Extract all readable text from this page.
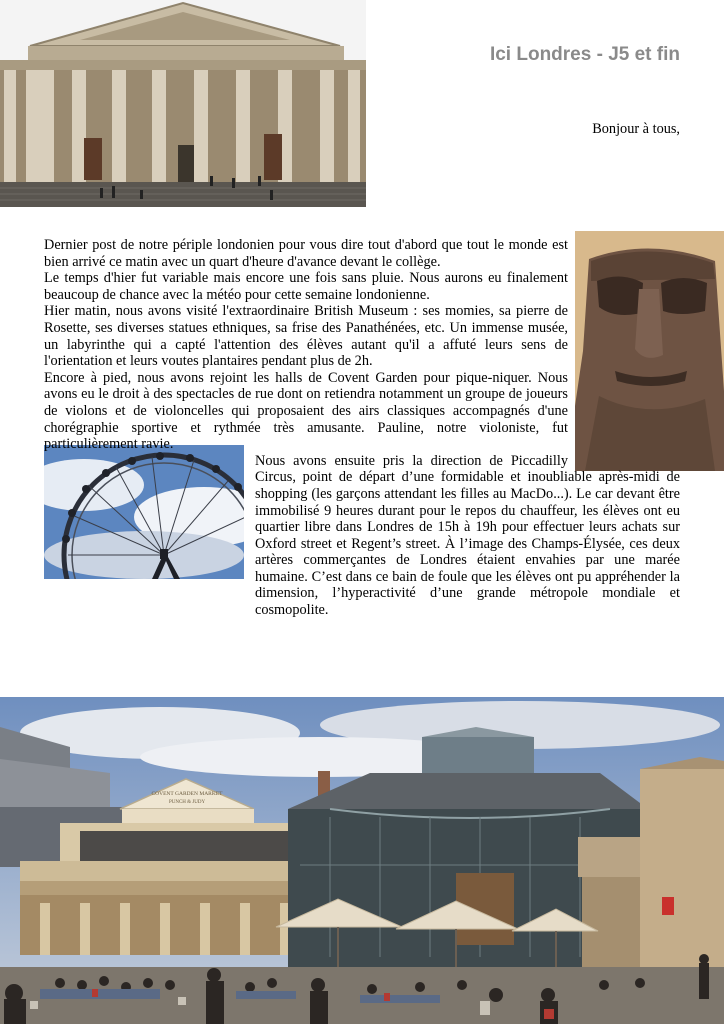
Ici Londres - J5 et fin

Bonjour à tous,

Dernier post de notre périple londonien pour vous dire tout d'abord que tout le monde est bien arrivé ce matin avec un quart d'heure d'avance devant le collège.

Le temps d'hier fut variable mais encore une fois sans pluie. Nous aurons eu finalement beaucoup de chance avec la météo pour cette semaine londonienne.

Hier matin, nous avons visité l'extraordinaire British Museum : ses momies, sa pierre de Rosette, ses diverses statues ethniques, sa frise des Panathénées, etc. Un immense musée, un labyrinthe qui a capté l'attention des élèves autant qu'il a affuté leurs sens de l'orientation et leurs voutes plantaires pendant plus de 2h.

Encore à pied, nous avons rejoint les halls de Covent Garden pour pique-niquer. Nous avons eu le droit à des spectacles de rue dont on retiendra notamment un groupe de joueurs de violons et de violoncelles qui proposaient des airs classiques accompagnés d'une chorégraphie sportive et rythmée très amusante. Pauline, notre violoniste, fut particulièrement ravie.

Nous avons ensuite pris la direction de Piccadilly Circus, point de départ d’une formidable et inoubliable après-midi de shopping (les garçons attendant les filles au MacDo...). Le car devant être immobilisé 9 heures durant pour le repos du chauffeur, les élèves ont eu quartier libre dans Londres de 15h à 19h pour effectuer leurs achats sur Oxford street et Regent’s street. À l’image des Champs-Élysée, ces deux artères commerçantes de Londres étaient envahies par une marée humaine. C’est dans ce bain de foule que les élèves ont pu appréhender la dimension, l’hyperactivité d’une grande métropole mondiale et cosmopolite.

COVENT GARDEN MARKET
PUNCH & JUDY
